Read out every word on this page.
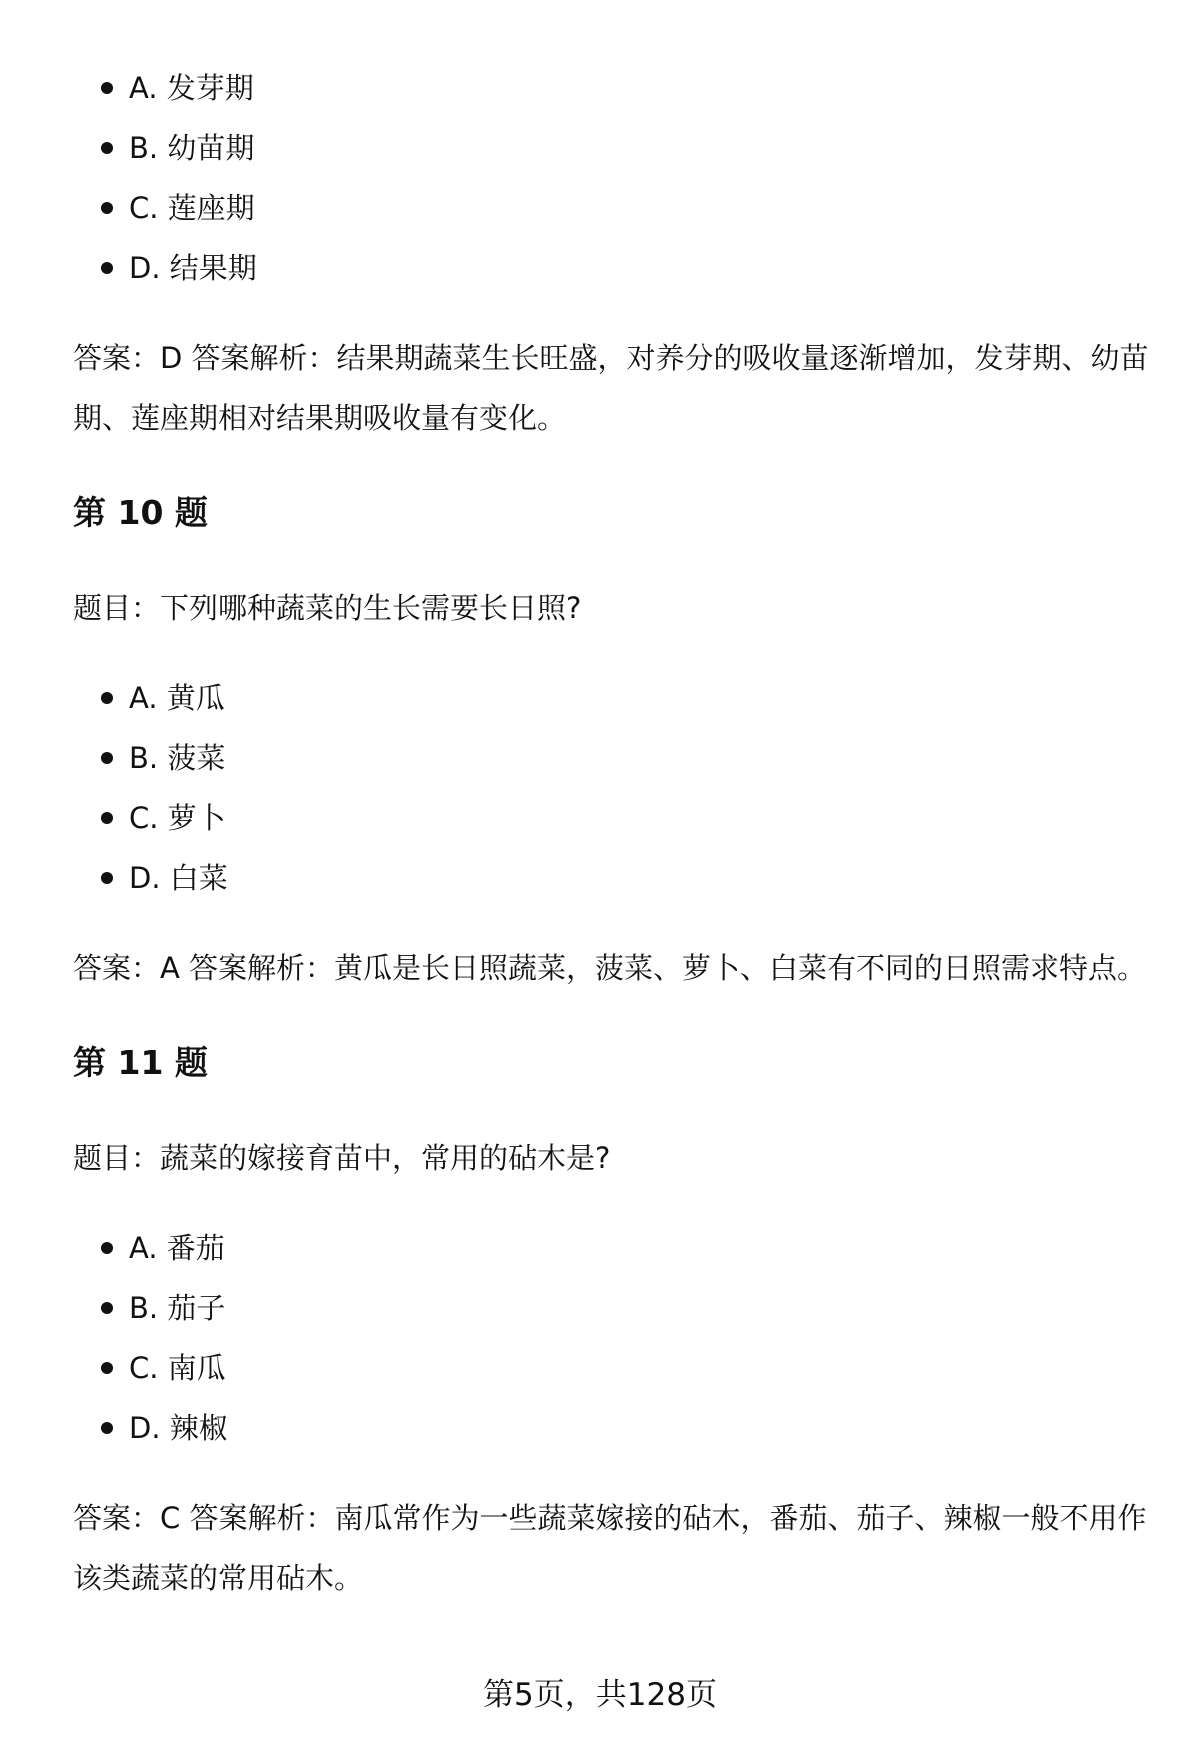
A. 发芽期
B. 幼苗期
C. 莲座期
D. 结果期

答案：D 答案解析：结果期蔬菜生长旺盛，对养分的吸收量逐渐增加，发芽期、幼苗期、莲座期相对结果期吸收量有变化。

第 10 题

题目：下列哪种蔬菜的生长需要长日照?

A. 黄瓜
B. 菠菜
C. 萝卜
D. 白菜

答案：A 答案解析：黄瓜是长日照蔬菜，菠菜、萝卜、白菜有不同的日照需求特点。

第 11 题

题目：蔬菜的嫁接育苗中，常用的砧木是?

A. 番茄
B. 茄子
C. 南瓜
D. 辣椒

答案：C 答案解析：南瓜常作为一些蔬菜嫁接的砧木，番茄、茄子、辣椒一般不用作该类蔬菜的常用砧木。

第5页，共128页
